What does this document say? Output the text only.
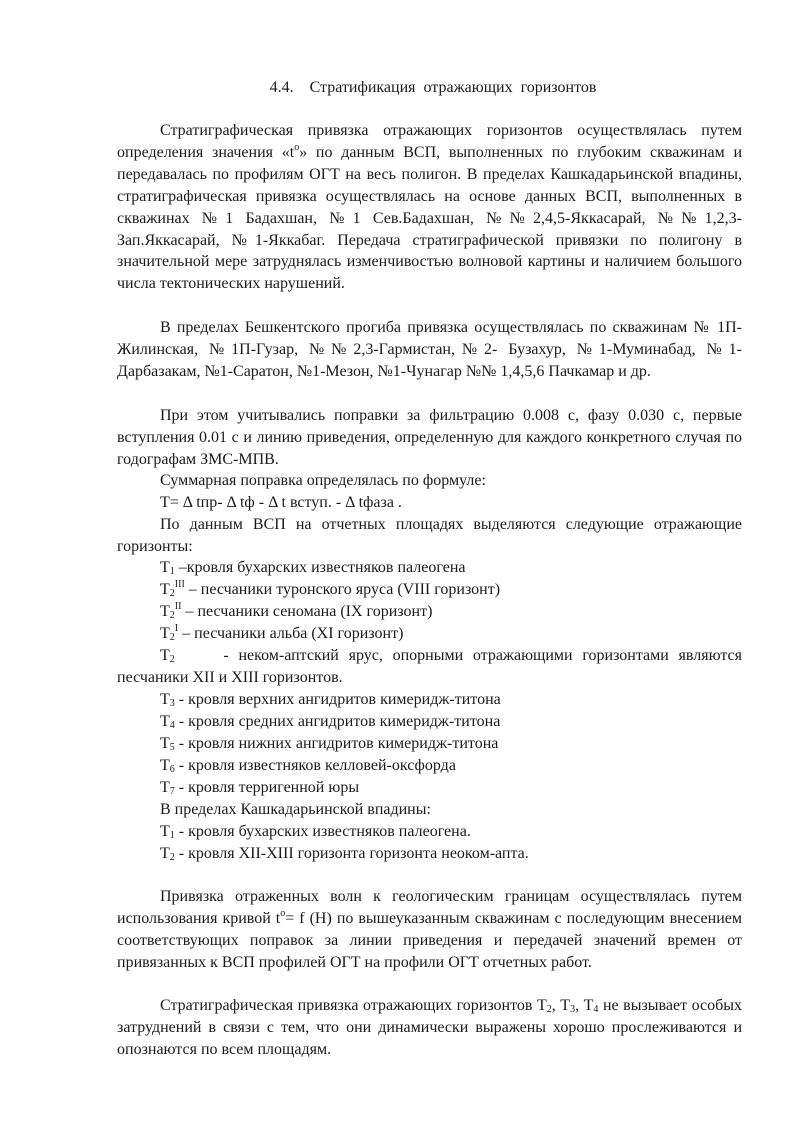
4.4. Стратификация  отражающих  горизонтов

Стратиграфическая привязка отражающих горизонтов осуществлялась путем определения значения «$t^о$» по данным ВСП, выполненных по глубоким скважинам и передавалась по профилям ОГТ на весь полигон. В пределах Кашкадарьинской впадины, стратиграфическая привязка осуществлялась на основе данных ВСП, выполненных в скважинах №1 Бадахшан, №1 Сев.Бадахшан, №№2,4,5-Яккасарай, №№1,2,3-Зап.Яккасарай, №1-Яккабаг. Передача стратиграфической привязки по полигону в значительной мере затруднялась изменчивостью волновой картины и наличием большого числа тектонических нарушений.

В пределах Бешкентского прогиба привязка осуществлялась по скважинам № 1П- Жилинская, №1П-Гузар, №№2,3-Гармистан,№2- Бузахур, №1-Муминабад, №1-Дарбазакам, №1-Саратон, №1-Мезон, №1-Чунагар №№ 1,4,5,6 Пачкамар и др.

При этом учитывались поправки за фильтрацию 0.008 с, фазу 0.030 с, первые вступления 0.01 с и линию приведения, определенную для каждого конкретного случая по годографам ЗМС-МПВ.

Суммарная поправка определялась по формуле:
Т= Δ tпр- Δ tф - Δ t вступ. - Δ tфаза .

По данным ВСП на отчетных площадях выделяются следующие отражающие горизонты:

$Т_1$ –кровля бухарских известняков палеогена
$Т_2^{III}$ – песчаники туронского яруса (VIII горизонт)
$Т_2^{II}$ – песчаники сеномана (IX горизонт)
$Т_2^I$ – песчаники альба (XI горизонт)

$Т_2$	- неком-аптский ярус, опорными отражающими горизонтами являются песчаники XII и XIII горизонтов.

$Т_3$ - кровля верхних ангидритов кимеридж-титона
$Т_4$ - кровля средних ангидритов кимеридж-титона
$Т_5$ - кровля нижних ангидритов кимеридж-титона
$Т_6$ - кровля известняков келловей-оксфорда
$Т_7$ - кровля терригенной юры
В пределах Кашкадарьинской впадины:
$Т_1$ - кровля бухарских известняков палеогена.
$Т_2$ - кровля XII-XIII горизонта горизонта неоком-апта.

Привязка отраженных волн к геологическим границам осуществлялась путем использования кривой $t^о= f$ (H) по вышеуказанным скважинам с последующим внесением соответствующих поправок за линии приведения и передачей значений времен от привязанных к ВСП профилей ОГТ на профили ОГТ отчетных работ.

Стратиграфическая привязка отражающих горизонтов $Т_2$, $Т_3$, $Т_4$ не вызывает особых затруднений в связи с тем, что они динамически выражены хорошо прослеживаются и опознаются по всем площадям.
